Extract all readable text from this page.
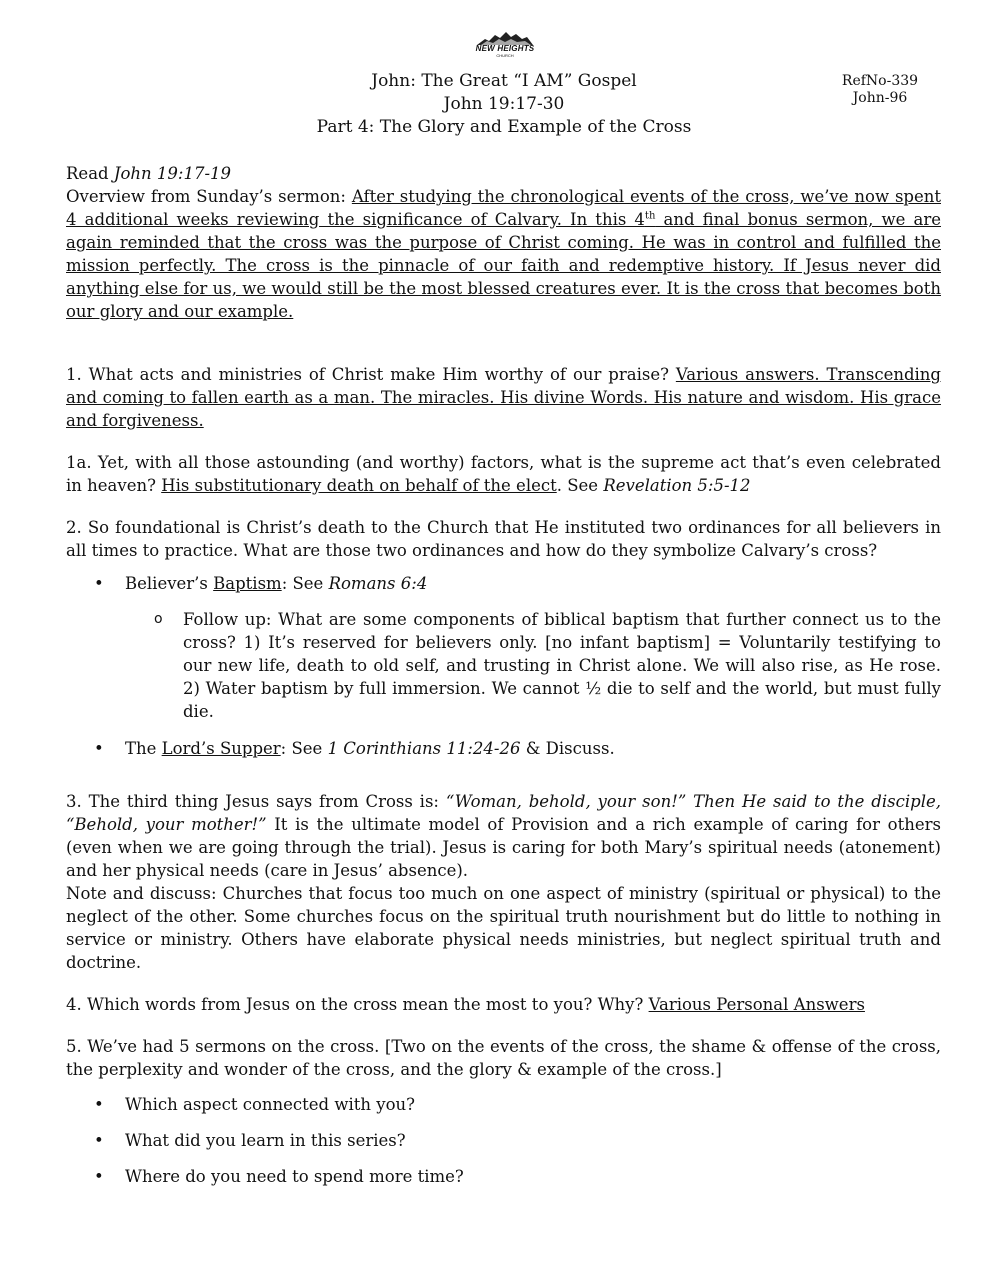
NEW HEIGHTS
CHURCH
John: The Great “I AM” Gospel
John 19:17-30
Part 4: The Glory and Example of the Cross
RefNo-339
John-96

Read John 19:17-19

Overview from Sunday’s sermon: After studying the chronological events of the cross, we’ve now spent 4 additional weeks reviewing the significance of Calvary. In this 4th and final bonus sermon, we are again reminded that the cross was the purpose of Christ coming. He was in control and fulfilled the mission perfectly. The cross is the pinnacle of our faith and redemptive history. If Jesus never did anything else for us, we would still be the most blessed creatures ever. It is the cross that becomes both our glory and our example.

1. What acts and ministries of Christ make Him worthy of our praise? Various answers. Transcending and coming to fallen earth as a man. The miracles. His divine Words. His nature and wisdom. His grace and forgiveness.

1a. Yet, with all those astounding (and worthy) factors, what is the supreme act that’s even celebrated in heaven? His substitutionary death on behalf of the elect. See Revelation 5:5-12

2. So foundational is Christ’s death to the Church that He instituted two ordinances for all believers in all times to practice. What are those two ordinances and how do they symbolize Calvary’s cross?

• Believer’s Baptism: See Romans 6:4

o Follow up: What are some components of biblical baptism that further connect us to the cross? 1) It’s reserved for believers only. [no infant baptism] = Voluntarily testifying to our new life, death to old self, and trusting in Christ alone. We will also rise, as He rose. 2) Water baptism by full immersion. We cannot ½ die to self and the world, but must fully die.

• The Lord’s Supper: See 1 Corinthians 11:24-26 & Discuss.

3. The third thing Jesus says from Cross is: “Woman, behold, your son!” Then He said to the disciple, “Behold, your mother!” It is the ultimate model of Provision and a rich example of caring for others (even when we are going through the trial). Jesus is caring for both Mary’s spiritual needs (atonement) and her physical needs (care in Jesus’ absence).

Note and discuss: Churches that focus too much on one aspect of ministry (spiritual or physical) to the neglect of the other. Some churches focus on the spiritual truth nourishment but do little to nothing in service or ministry. Others have elaborate physical needs ministries, but neglect spiritual truth and doctrine.

4. Which words from Jesus on the cross mean the most to you? Why? Various Personal Answers

5. We’ve had 5 sermons on the cross. [Two on the events of the cross, the shame & offense of the cross, the perplexity and wonder of the cross, and the glory & example of the cross.]

• Which aspect connected with you?
• What did you learn in this series?
• Where do you need to spend more time?
